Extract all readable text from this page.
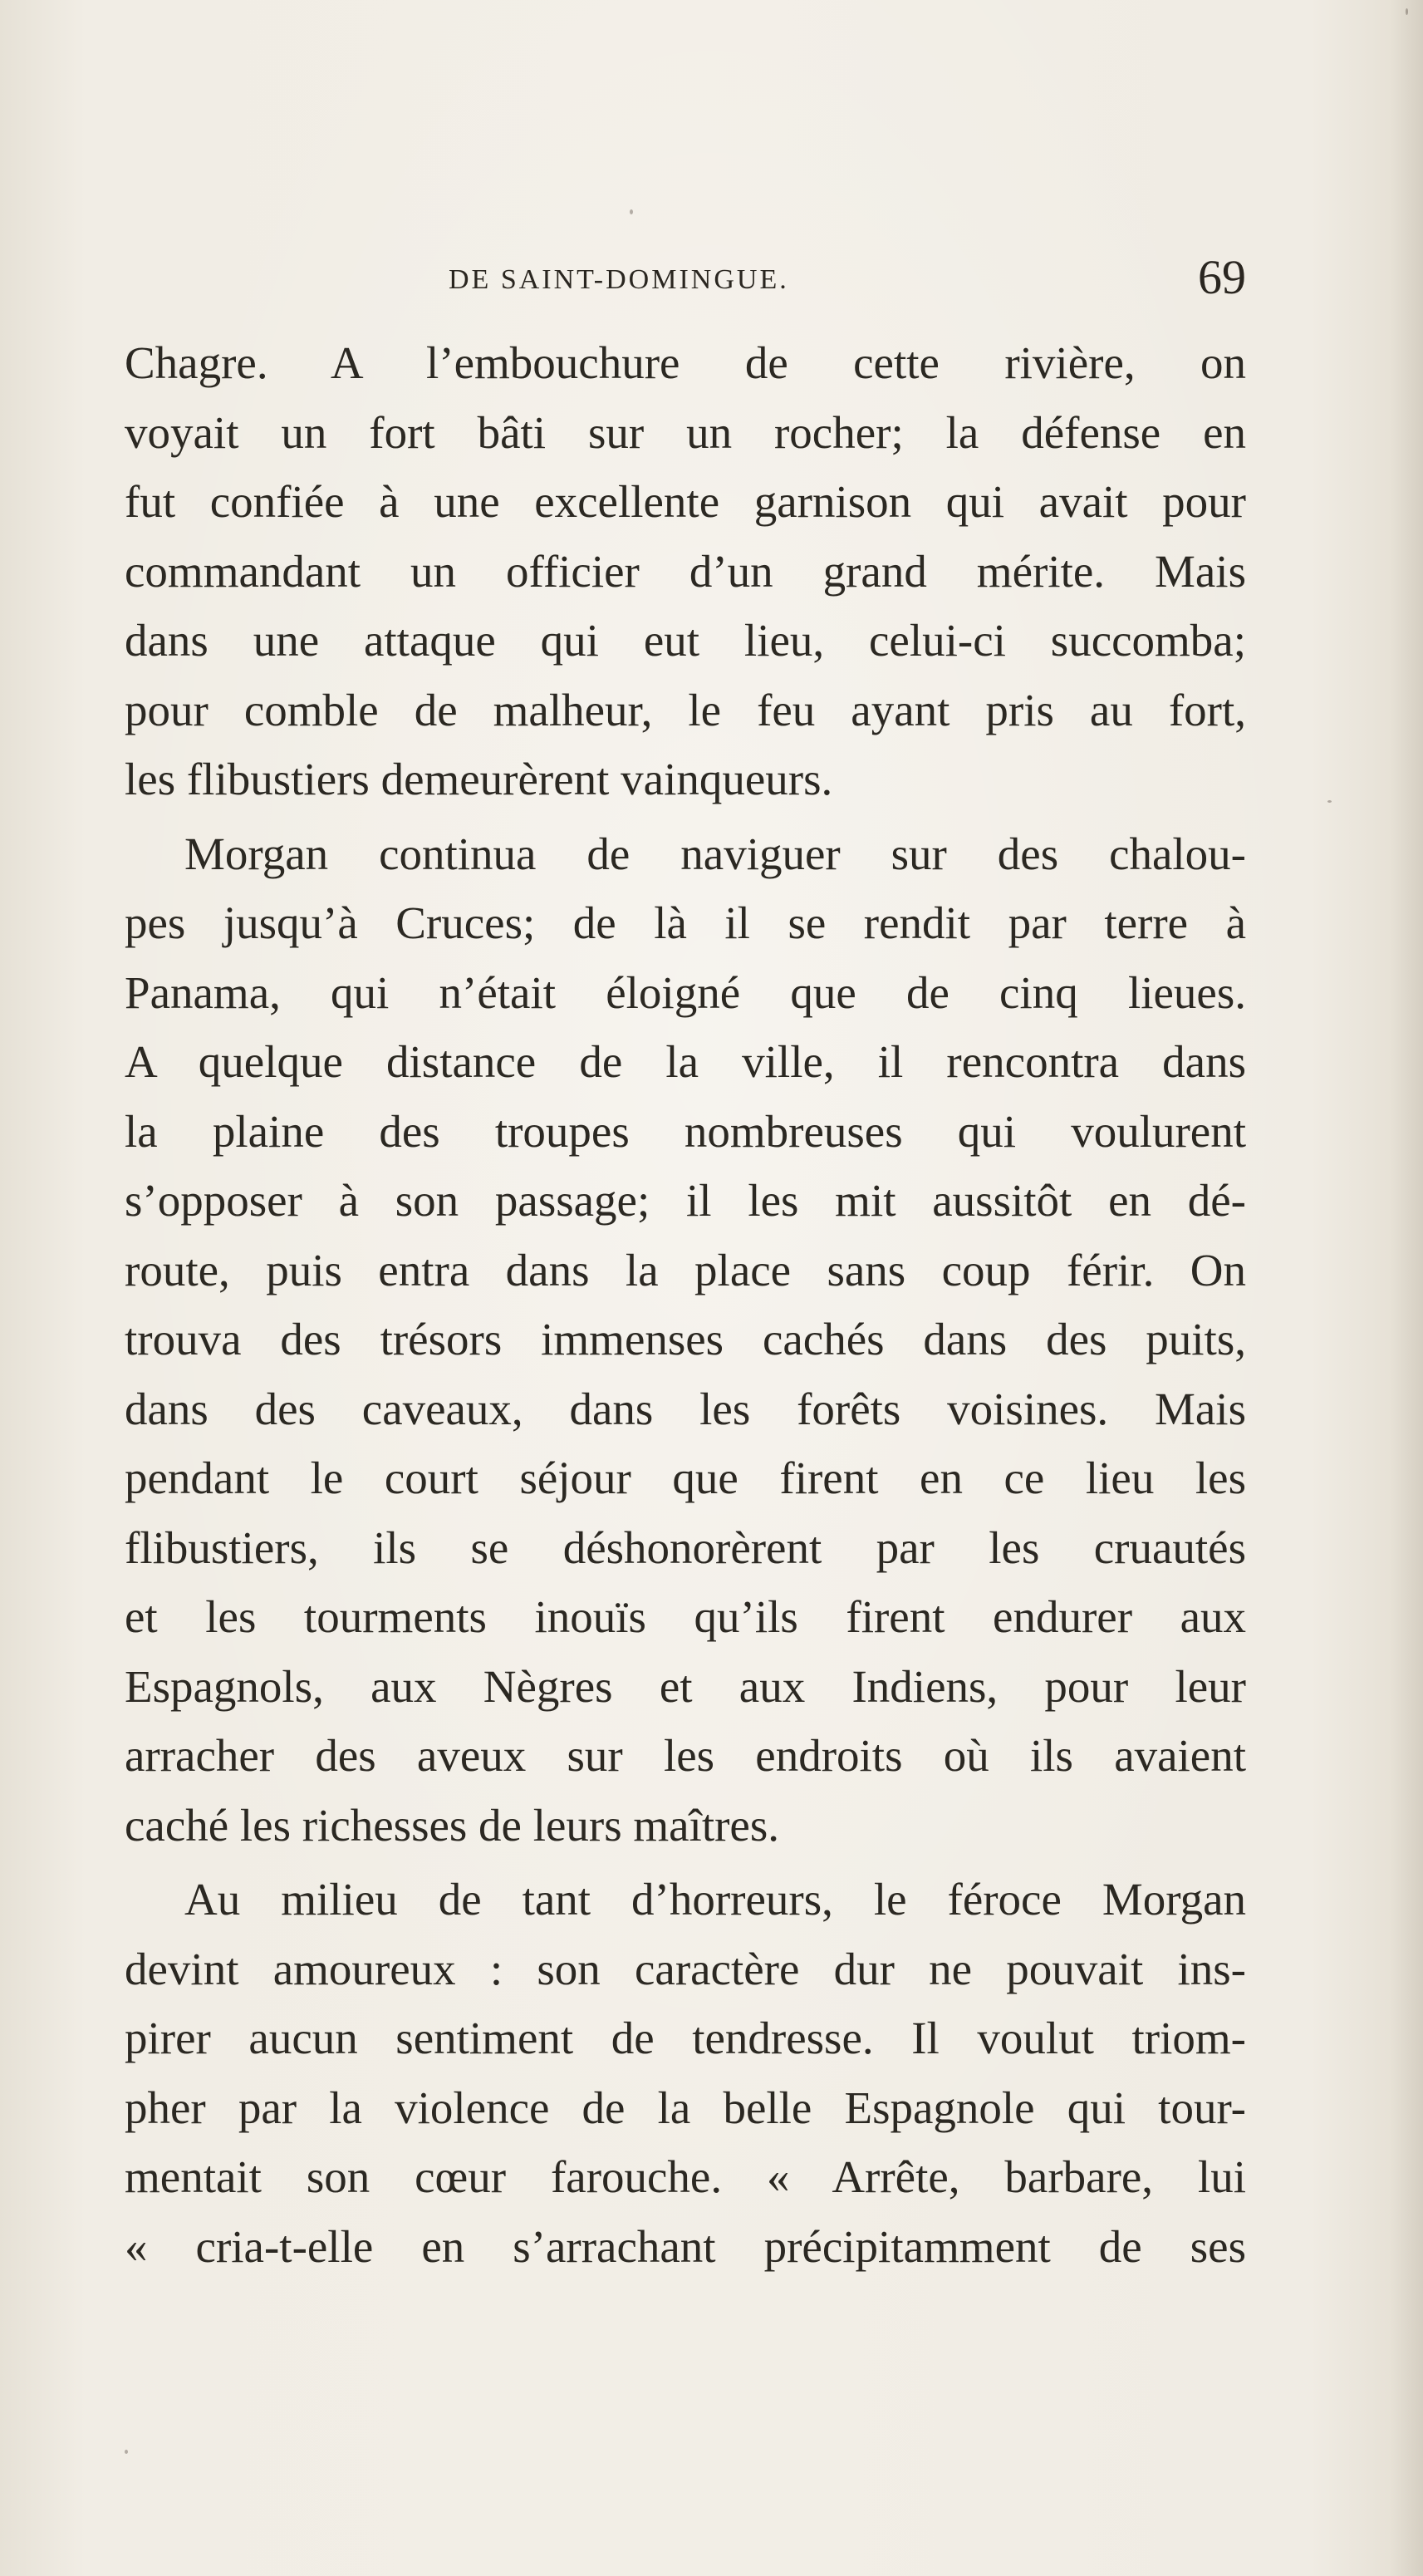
DE SAINT-DOMINGUE.	69
Chagre. A l’embouchure de cette rivière, on
voyait un fort bâti sur un rocher; la défense en
fut confiée à une excellente garnison qui avait pour
commandant un officier d’un grand mérite. Mais
dans une attaque qui eut lieu, celui-ci succomba;
pour comble de malheur, le feu ayant pris au fort,
les flibustiers demeurèrent vainqueurs.
Morgan continua de naviguer sur des chalou-
pes jusqu’à Cruces; de là il se rendit par terre à
Panama, qui n’était éloigné que de cinq lieues.
A quelque distance de la ville, il rencontra dans
la plaine des troupes nombreuses qui voulurent
s’opposer à son passage; il les mit aussitôt en dé-
route, puis entra dans la place sans coup férir. On
trouva des trésors immenses cachés dans des puits,
dans des caveaux, dans les forêts voisines. Mais
pendant le court séjour que firent en ce lieu les
flibustiers, ils se déshonorèrent par les cruautés
et les tourments inouïs qu’ils firent endurer aux
Espagnols, aux Nègres et aux Indiens, pour leur
arracher des aveux sur les endroits où ils avaient
caché les richesses de leurs maîtres.
Au milieu de tant d’horreurs, le féroce Morgan
devint amoureux : son caractère dur ne pouvait ins-
pirer aucun sentiment de tendresse. Il voulut triom-
pher par la violence de la belle Espagnole qui tour-
mentait son cœur farouche. « Arrête, barbare, lui
« cria-t-elle en s’arrachant précipitamment de ses
